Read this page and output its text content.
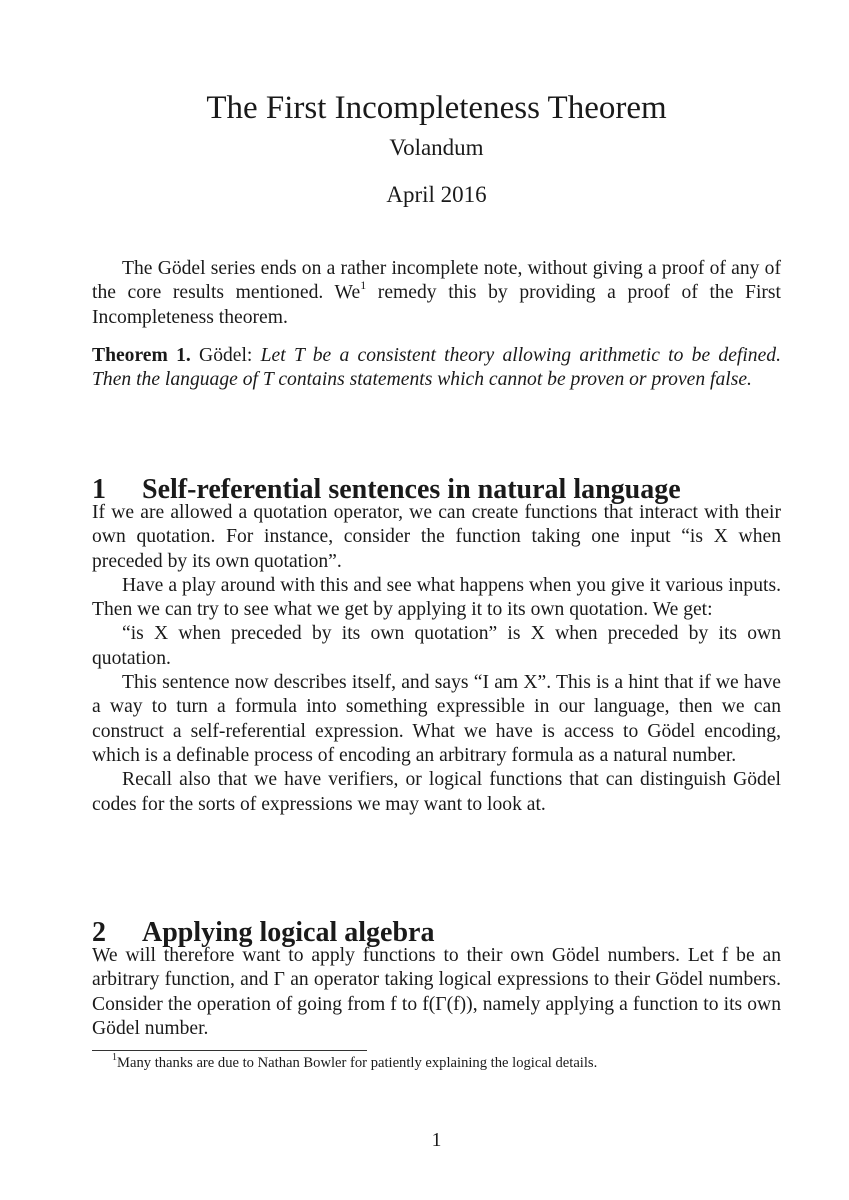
The First Incompleteness Theorem
Volandum
April 2016

The Gödel series ends on a rather incomplete note, without giving a proof of any of the core results mentioned. We$^1$ remedy this by providing a proof of the First Incompleteness theorem.

Theorem 1. Gödel: Let T be a consistent theory allowing arithmetic to be defined. Then the language of T contains statements which cannot be proven or proven false.

1 Self-referential sentences in natural language

If we are allowed a quotation operator, we can create functions that interact with their own quotation. For instance, consider the function taking one input “is X when preceded by its own quotation”.

Have a play around with this and see what happens when you give it various inputs. Then we can try to see what we get by applying it to its own quotation. We get:

“is X when preceded by its own quotation” is X when preceded by its own quotation.

This sentence now describes itself, and says “I am X”. This is a hint that if we have a way to turn a formula into something expressible in our language, then we can construct a self-referential expression. What we have is access to Gödel encoding, which is a definable process of encoding an arbitrary formula as a natural number.

Recall also that we have verifiers, or logical functions that can distinguish Gödel codes for the sorts of expressions we may want to look at.

2 Applying logical algebra

We will therefore want to apply functions to their own Gödel numbers. Let f be an arbitrary function, and Γ an operator taking logical expressions to their Gödel numbers. Consider the operation of going from f to f(Γ(f)), namely applying a function to its own Gödel number.

$^1$Many thanks are due to Nathan Bowler for patiently explaining the logical details.
1
